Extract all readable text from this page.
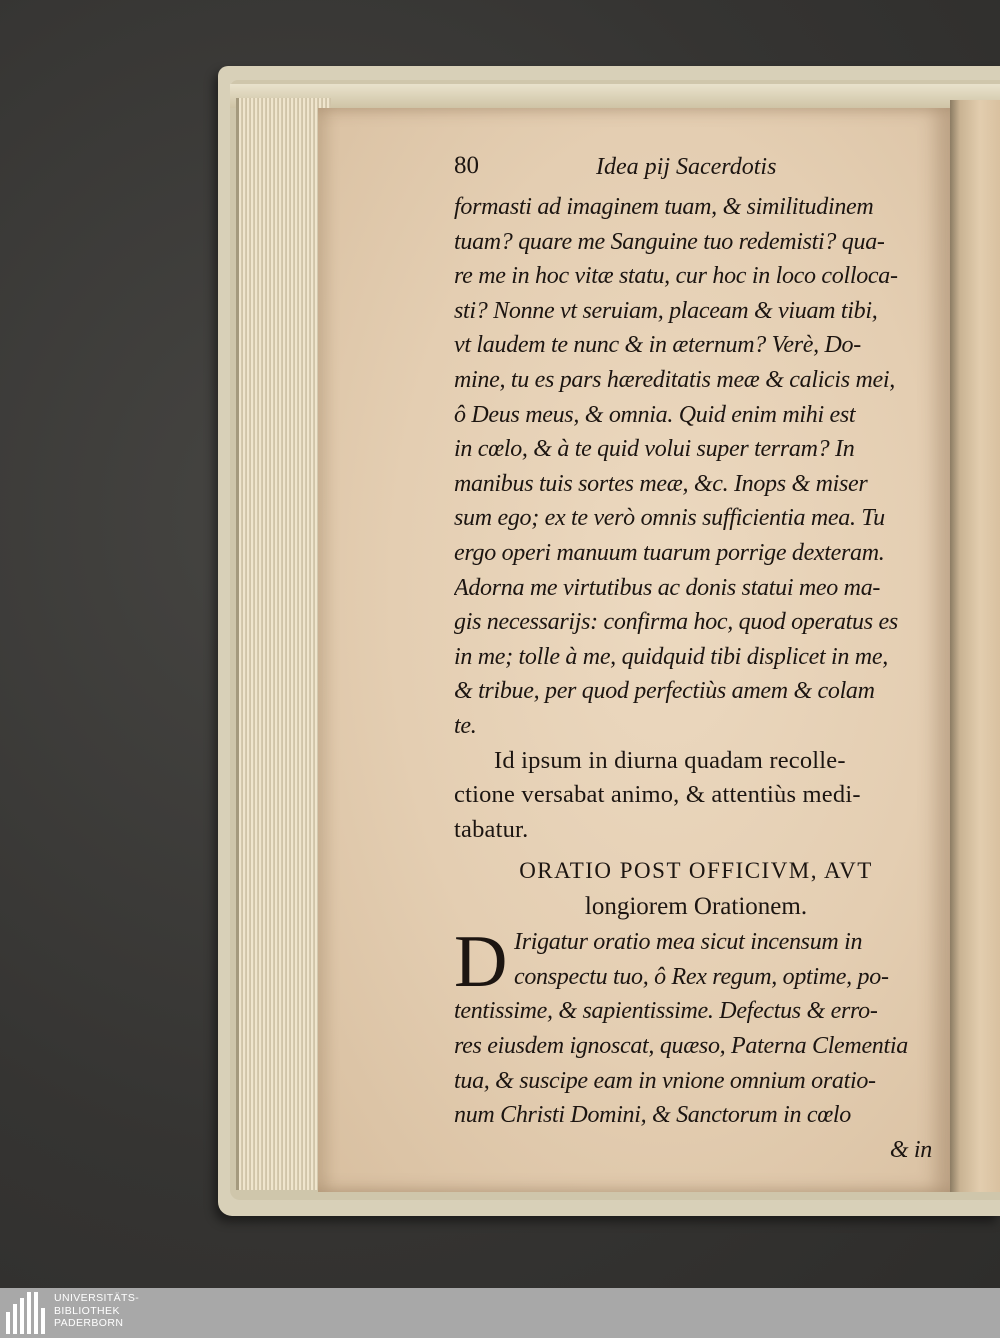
80	Idea pij Sacerdotis
formasti ad imaginem tuam, & similitudinem
tuam? quare me Sanguine tuo redemisti? qua-
re me in hoc vitæ statu, cur hoc in loco colloca-
sti? Nonne vt seruiam, placeam & viuam tibi,
vt laudem te nunc & in æternum? Verè, Do-
mine, tu es pars hæreditatis meæ & calicis mei,
ô Deus meus, & omnia. Quid enim mihi est
in cœlo, & à te quid volui super terram? In
manibus tuis sortes meæ, &c. Inops & miser
sum ego; ex te verò omnis sufficientia mea. Tu
ergo operi manuum tuarum porrige dexteram.
Adorna me virtutibus ac donis statui meo ma-
gis necessarijs: confirma hoc, quod operatus es
in me; tolle à me, quidquid tibi displicet in me,
& tribue, per quod perfectiùs amem & colam
te.
Id ipsum in diurna quadam recolle-
ctione versabat animo, & attentiùs medi-
tabatur.
ORATIO POST OFFICIVM, AVT
longiorem Orationem.
D Irigatur oratio mea sicut incensum in
conspectu tuo, ô Rex regum, optime, po-
tentissime, & sapientissime. Defectus & erro-
res eiusdem ignoscat, quæso, Paterna Clementia
tua, & suscipe eam in vnione omnium oratio-
num Christi Domini, & Sanctorum in cœlo
& in
UNIVERSITÄTS-
BIBLIOTHEK
PADERBORN
